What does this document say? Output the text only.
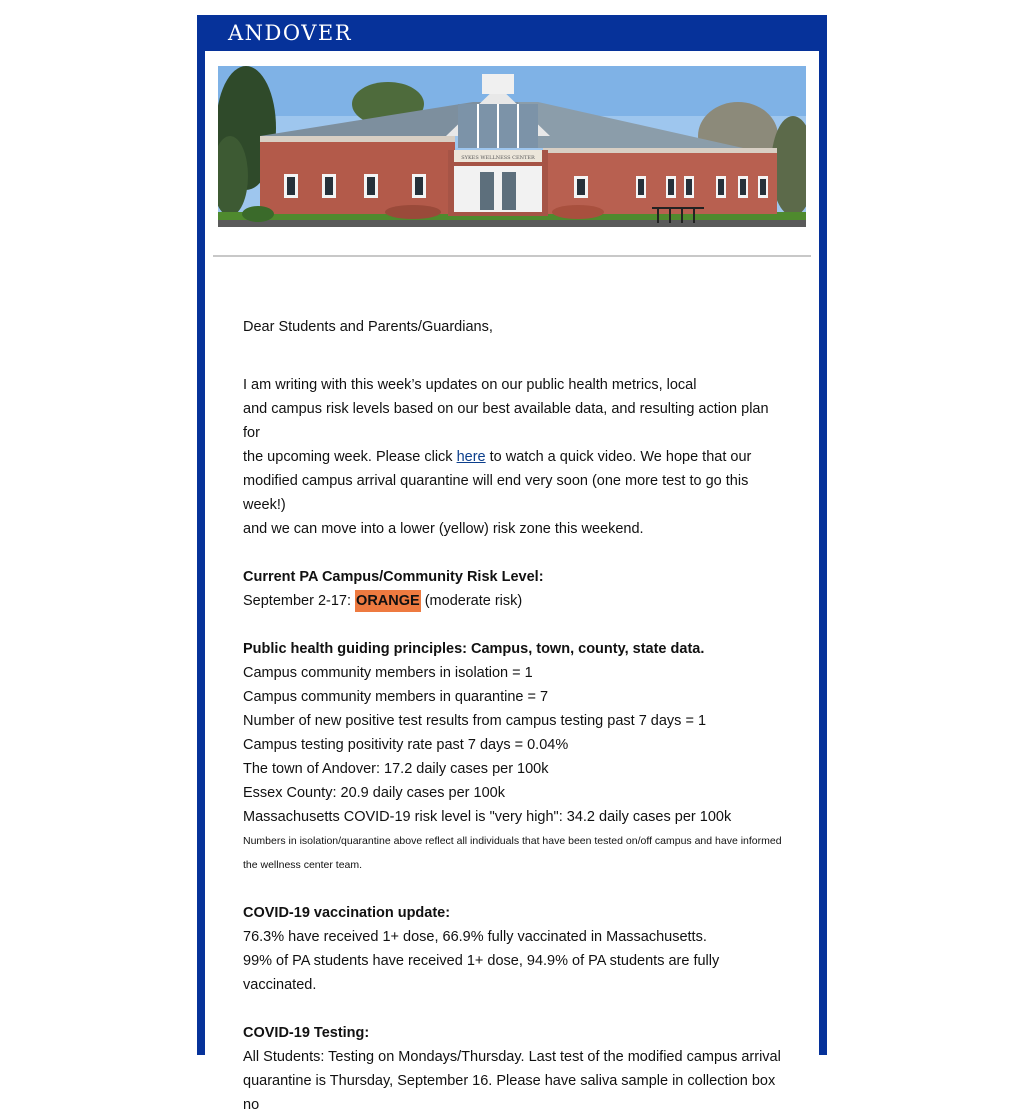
ANDOVER
SYKES WELLNESS CENTER

Dear Students and Parents/Guardians,

I am writing with this week’s updates on our public health metrics, local

and campus risk levels based on our best available data, and resulting action plan for

the upcoming week. Please click here to watch a quick video. We hope that our

modified campus arrival quarantine will end very soon (one more test to go this week!)

and we can move into a lower (yellow) risk zone this weekend.

Current PA Campus/Community Risk Level:

September 2-17: ORANGE (moderate risk)

Public health guiding principles: Campus, town, county, state data.

Campus community members in isolation = 1

Campus community members in quarantine = 7

Number of new positive test results from campus testing past 7 days = 1

Campus testing positivity rate past 7 days = 0.04%

The town of Andover: 17.2 daily cases per 100k

Essex County: 20.9 daily cases per 100k

Massachusetts COVID-19 risk level is "very high": 34.2 daily cases per 100k

Numbers in isolation/quarantine above reflect all individuals that have been tested on/off campus and have informed

the wellness center team.

COVID-19 vaccination update:

76.3% have received 1+ dose, 66.9% fully vaccinated in Massachusetts.

99% of PA students have received 1+ dose, 94.9% of PA students are fully vaccinated.

COVID-19 Testing:

All Students: Testing on Mondays/Thursday. Last test of the modified campus arrival

quarantine is Thursday, September 16. Please have saliva sample in collection box no
